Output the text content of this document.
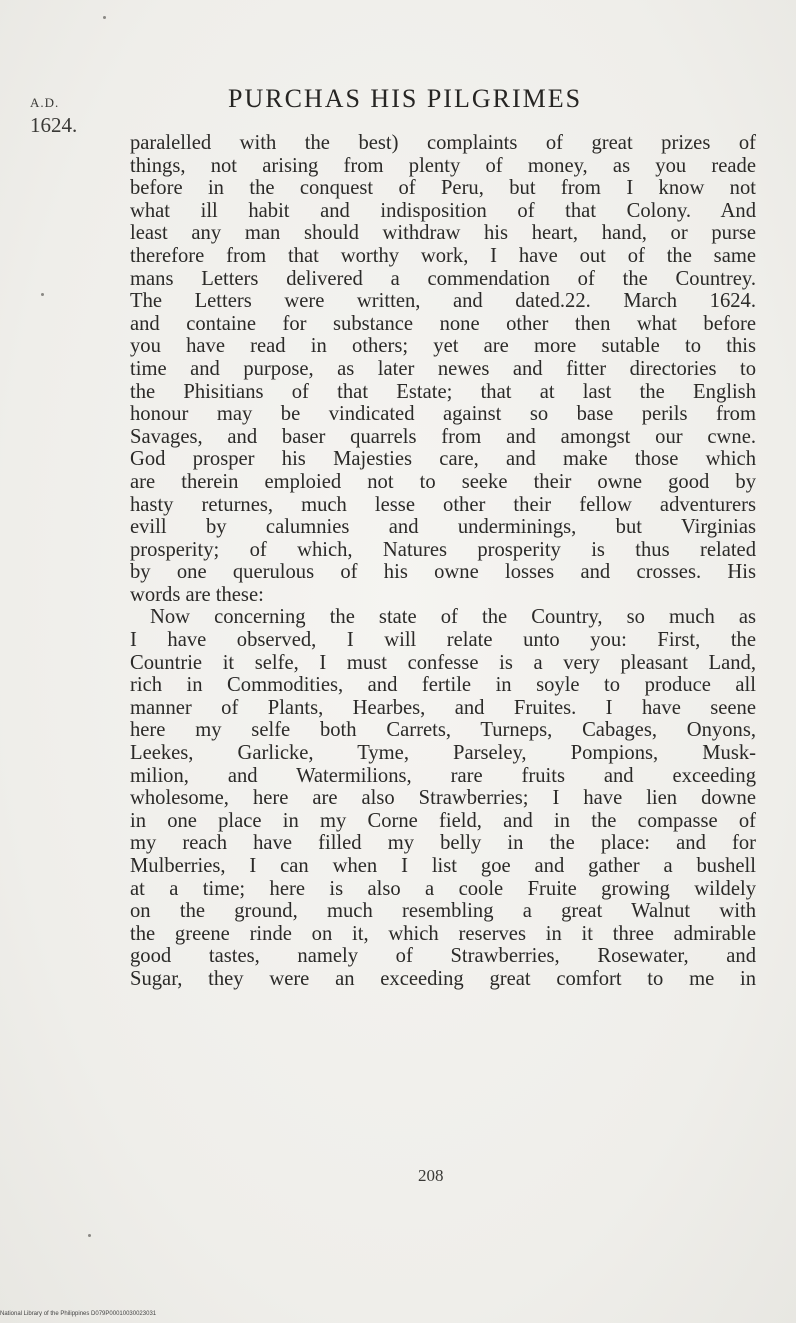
A.D.
1624.
PURCHAS HIS PILGRIMES
paralelled with the best) complaints of great prizes of
things, not arising from plenty of money, as you reade
before in the conquest of Peru, but from I know not
what ill habit and indisposition of that Colony. And
least any man should withdraw his heart, hand, or purse
therefore from that worthy work, I have out of the same
mans Letters delivered a commendation of the Countrey.
The Letters were written, and dated.22. March 1624.
and containe for substance none other then what before
you have read in others; yet are more sutable to this
time and purpose, as later newes and fitter directories to
the Phisitians of that Estate; that at last the English
honour may be vindicated against so base perils from
Savages, and baser quarrels from and amongst our cwne.
God prosper his Majesties care, and make those which
are therein emploied not to seeke their owne good by
hasty returnes, much lesse other their fellow adventurers
evill by calumnies and underminings, but Virginias
prosperity; of which, Natures prosperity is thus related
by one querulous of his owne losses and crosses. His
words are these:
Now concerning the state of the Country, so much as
I have observed, I will relate unto you: First, the
Countrie it selfe, I must confesse is a very pleasant Land,
rich in Commodities, and fertile in soyle to produce all
manner of Plants, Hearbes, and Fruites. I have seene
here my selfe both Carrets, Turneps, Cabages, Onyons,
Leekes, Garlicke, Tyme, Parseley, Pompions, Musk-
milion, and Watermilions, rare fruits and exceeding
wholesome, here are also Strawberries; I have lien downe
in one place in my Corne field, and in the compasse of
my reach have filled my belly in the place: and for
Mulberries, I can when I list goe and gather a bushell
at a time; here is also a coole Fruite growing wildely
on the ground, much resembling a great Walnut with
the greene rinde on it, which reserves in it three admirable
good tastes, namely of Strawberries, Rosewater, and
Sugar, they were an exceeding great comfort to me in
208
National Library of the Philippines D079P00010030023031
